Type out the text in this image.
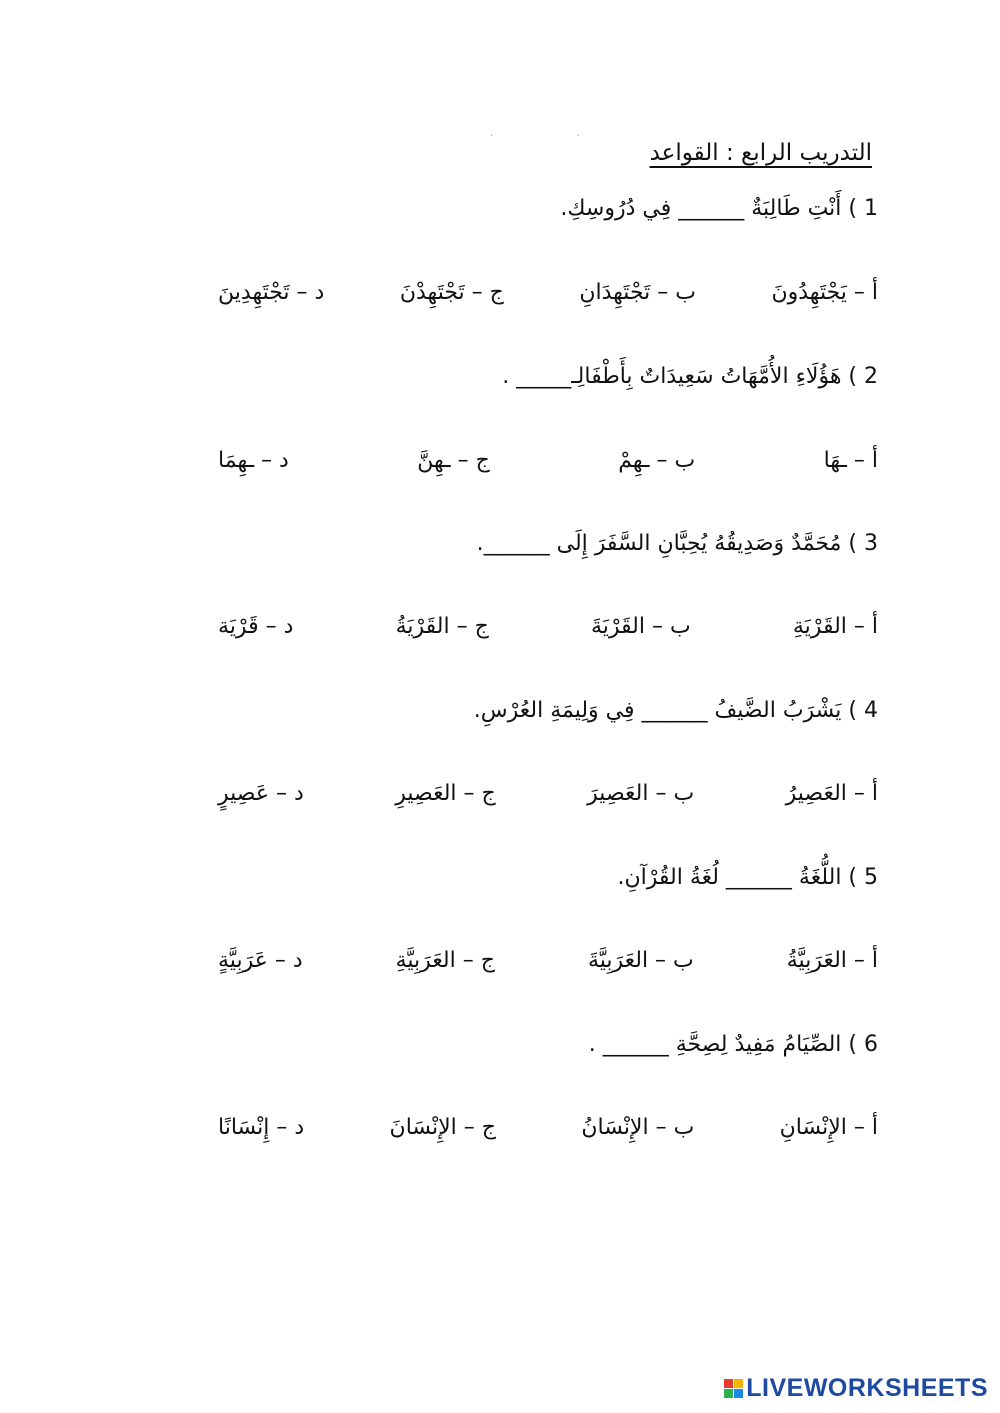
. .
التدريب الرابع : القواعد
1 ) أَنْتِ طَالِبَةٌ ______ فِي دُرُوسِكِ.
أ – يَجْتَهِدُونَ
ب – تَجْتَهِدَانِ
ج – تَجْتَهِدْنَ
د – تَجْتَهِدِينَ
2 ) هَؤُلَاءِ الأُمَّهَاتُ سَعِيدَاتٌ بِأَطْفَالِـ_____ .
أ – ـهَا
ب – ـهِمْ
ج – ـهِنَّ
د – ـهِمَا
3 ) مُحَمَّدٌ وَصَدِيقُهُ يُحِبَّانِ السَّفَرَ إِلَى ______.
أ – القَرْيَةِ
ب – القَرْيَةَ
ج – القَرْيَةُ
د – قَرْيَة
4 ) يَشْرَبُ الضَّيفُ ______ فِي وَلِيمَةِ العُرْسِ.
أ – العَصِيرُ
ب – العَصِيرَ
ج – العَصِيرِ
د – عَصِيرٍ
5 ) اللُّغَةُ ______ لُغَةُ القُرْآنِ.
أ – العَرَبِيَّةُ
ب – العَرَبِيَّةَ
ج – العَرَبِيَّةِ
د – عَرَبِيَّةٍ
6 ) الصِّيَامُ مَفِيدٌ لِصِحَّةِ ______ .
أ – الإِنْسَانِ
ب – الإِنْسَانُ
ج – الإِنْسَانَ
د – إِنْسَانًا
LIVEWORKSHEETS
